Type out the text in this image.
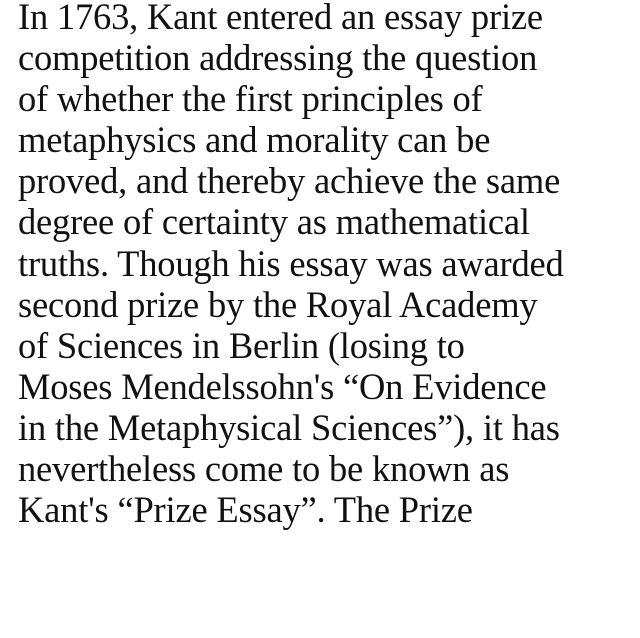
In 1763, Kant entered an essay prize
competition addressing the question
of whether the first principles of
metaphysics and morality can be
proved, and thereby achieve the same
degree of certainty as mathematical
truths. Though his essay was awarded
second prize by the Royal Academy
of Sciences in Berlin (losing to
Moses Mendelssohn's “On Evidence
in the Metaphysical Sciences”), it has
nevertheless come to be known as
Kant's “Prize Essay”. The Prize
